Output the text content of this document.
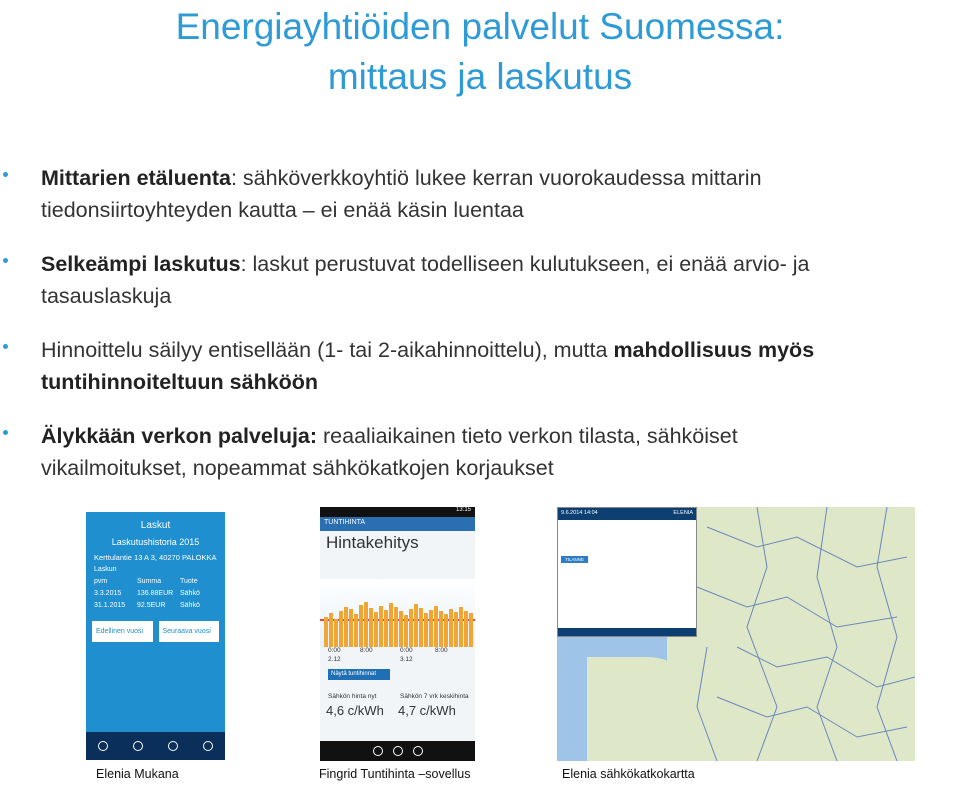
Energiayhtiöiden palvelut Suomessa:
mittaus ja laskutus
Mittarien etäluenta: sähköverkkoyhtiö lukee kerran vuorokaudessa mittarin
tiedonsiirtoyhteyden kautta – ei enää käsin luentaa
Selkeämpi laskutus: laskut perustuvat todelliseen kulutukseen, ei enää arvio- ja
tasauslaskuja
Hinnoittelu säilyy entisellään (1- tai 2-aikahinnoittelu), mutta mahdollisuus myös
tuntihinnoiteltuun sähköön
Älykkään verkon palveluja: reaaliaikainen tieto verkon tilasta, sähköiset
vikailmoitukset, nopeammat sähkökatkojen korjaukset
Laskut
Laskutushistoria 2015
Kerttulantie 13 A 3, 40270 PALOKKA
Laskun
pvm	Summa	Tuote
3.3.2015	136.88EUR Sähkö
31.1.2015	92.5EUR	Sähkö
Edellinen vuosi	Seuraava vuosi
13:15
TUNTIHINTA
Hintakehitys
0:00	8:00	0:00	8:00
2.12	3.12
Näytä tuntihinnat
Sähkön hinta nyt
4,6 c/kWh
Sähkön 7 vrk keskihinta
4,7 c/kWh
9.6.2014 14:04	ELENIA

TILANNE
Elenia Mukana	Fingrid Tuntihinta –sovellus	Elenia sähkökatkokartta
